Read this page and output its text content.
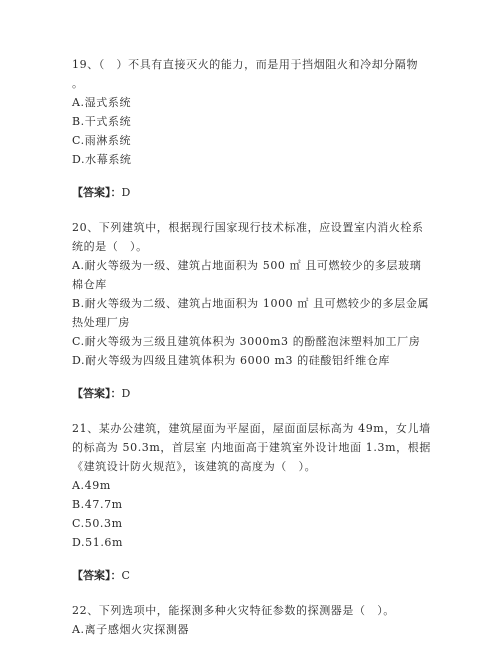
19、（　）不具有直接灭火的能力，而是用于挡烟阻火和冷却分隔物
。
A.湿式系统
B.干式系统
C.雨淋系统
D.水幕系统
【答案】：D
20、下列建筑中，根据现行国家现行技术标准，应设置室内消火栓系
统的是（　）。
A.耐火等级为一级、建筑占地面积为 500 ㎡ 且可燃较少的多层玻璃
棉仓库
B.耐火等级为二级、建筑占地面积为 1000 ㎡ 且可燃较少的多层金属
热处理厂房
C.耐火等级为三级且建筑体积为 3000m3 的酚醛泡沫塑料加工厂房
D.耐火等级为四级且建筑体积为 6000 m3 的硅酸铝纤维仓库
【答案】：D
21、某办公建筑，建筑屋面为平屋面，屋面面层标高为 49m，女儿墙
的标高为 50.3m，首层室 内地面高于建筑室外设计地面 1.3m，根据
《建筑设计防火规范》，该建筑的高度为（　）。
A.49m
B.47.7m
C.50.3m
D.51.6m
【答案】：C
22、下列选项中，能探测多种火灾特征参数的探测器是（　）。
A.离子感烟火灾探测器
